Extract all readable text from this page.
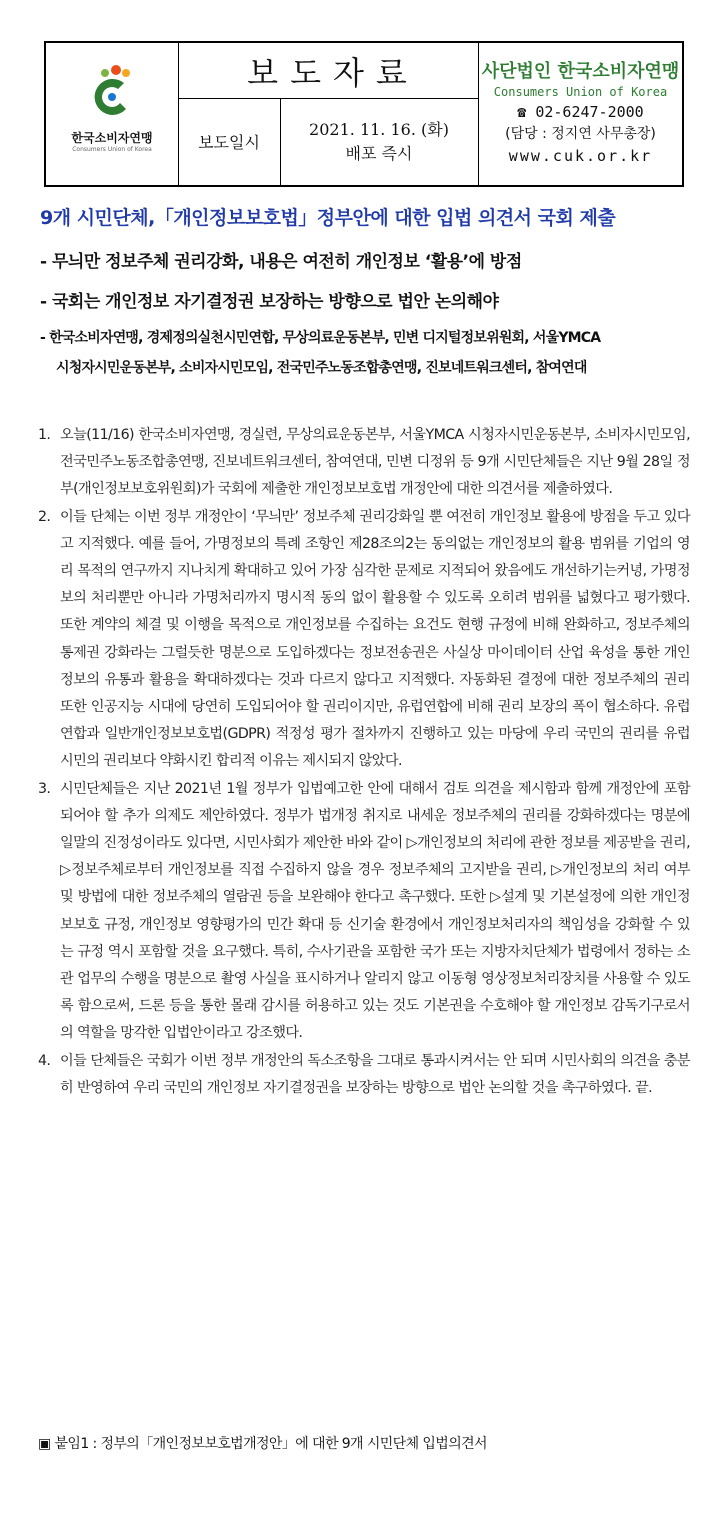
한국소비자연맹
Consumers Union of Korea
보도자료
보도일시
2021. 11. 16. (화)
배포 즉시
사단법인 한국소비자연맹
Consumers Union of Korea
☎ 02-6247-2000
(담당 : 정지연 사무총장)
www.cuk.or.kr
9개 시민단체,「개인정보보호법」정부안에 대한 입법 의견서 국회 제출
- 무늬만 정보주체 권리강화, 내용은 여전히 개인정보 ‘활용’에 방점
- 국회는 개인정보 자기결정권 보장하는 방향으로 법안 논의해야
- 한국소비자연맹, 경제정의실천시민연합, 무상의료운동본부, 민변 디지털정보위원회, 서울YMCA
시청자시민운동본부, 소비자시민모임, 전국민주노동조합총연맹, 진보네트워크센터, 참여연대
1. 오늘(11/16) 한국소비자연맹, 경실련, 무상의료운동본부, 서울YMCA 시청자시민운동본부, 소비자시민모임, 전국민주노동조합총연맹, 진보네트워크센터, 참여연대, 민변 디정위 등 9개 시민단체들은 지난 9월 28일 정부(개인정보보호위원회)가 국회에 제출한 개인정보보호법 개정안에 대한 의견서를 제출하였다.
2. 이들 단체는 이번 정부 개정안이 ‘무늬만’ 정보주체 권리강화일 뿐 여전히 개인정보 활용에 방점을 두고 있다고 지적했다. 예를 들어, 가명정보의 특례 조항인 제28조의2는 동의없는 개인정보의 활용 범위를 기업의 영리 목적의 연구까지 지나치게 확대하고 있어 가장 심각한 문제로 지적되어 왔음에도 개선하기는커녕, 가명정보의 처리뿐만 아니라 가명처리까지 명시적 동의 없이 활용할 수 있도록 오히려 범위를 넓혔다고 평가했다. 또한 계약의 체결 및 이행을 목적으로 개인정보를 수집하는 요건도 현행 규정에 비해 완화하고, 정보주체의 통제권 강화라는 그럴듯한 명분으로 도입하겠다는 정보전송권은 사실상 마이데이터 산업 육성을 통한 개인정보의 유통과 활용을 확대하겠다는 것과 다르지 않다고 지적했다. 자동화된 결정에 대한 정보주체의 권리 또한 인공지능 시대에 당연히 도입되어야 할 권리이지만, 유럽연합에 비해 권리 보장의 폭이 협소하다. 유럽연합과 일반개인정보보호법(GDPR) 적정성 평가 절차까지 진행하고 있는 마당에 우리 국민의 권리를 유럽 시민의 권리보다 약화시킨 합리적 이유는 제시되지 않았다.
3. 시민단체들은 지난 2021년 1월 정부가 입법예고한 안에 대해서 검토 의견을 제시함과 함께 개정안에 포함되어야 할 추가 의제도 제안하였다. 정부가 법개정 취지로 내세운 정보주체의 권리를 강화하겠다는 명분에 일말의 진정성이라도 있다면, 시민사회가 제안한 바와 같이 ▷개인정보의 처리에 관한 정보를 제공받을 권리, ▷정보주체로부터 개인정보를 직접 수집하지 않을 경우 정보주체의 고지받을 권리, ▷개인정보의 처리 여부 및 방법에 대한 정보주체의 열람권 등을 보완해야 한다고 촉구했다. 또한 ▷설계 및 기본설정에 의한 개인정보보호 규정, 개인정보 영향평가의 민간 확대 등 신기술 환경에서 개인정보처리자의 책임성을 강화할 수 있는 규정 역시 포함할 것을 요구했다. 특히, 수사기관을 포함한 국가 또는 지방자치단체가 법령에서 정하는 소관 업무의 수행을 명분으로 촬영 사실을 표시하거나 알리지 않고 이동형 영상정보처리장치를 사용할 수 있도록 함으로써, 드론 등을 통한 몰래 감시를 허용하고 있는 것도 기본권을 수호해야 할 개인정보 감독기구로서의 역할을 망각한 입법안이라고 강조했다.
4. 이들 단체들은 국회가 이번 정부 개정안의 독소조항을 그대로 통과시켜서는 안 되며 시민사회의 의견을 충분히 반영하여 우리 국민의 개인정보 자기결정권을 보장하는 방향으로 법안 논의할 것을 촉구하였다. 끝.
▣ 붙임1 : 정부의「개인정보보호법개정안」에 대한 9개 시민단체 입법의견서
